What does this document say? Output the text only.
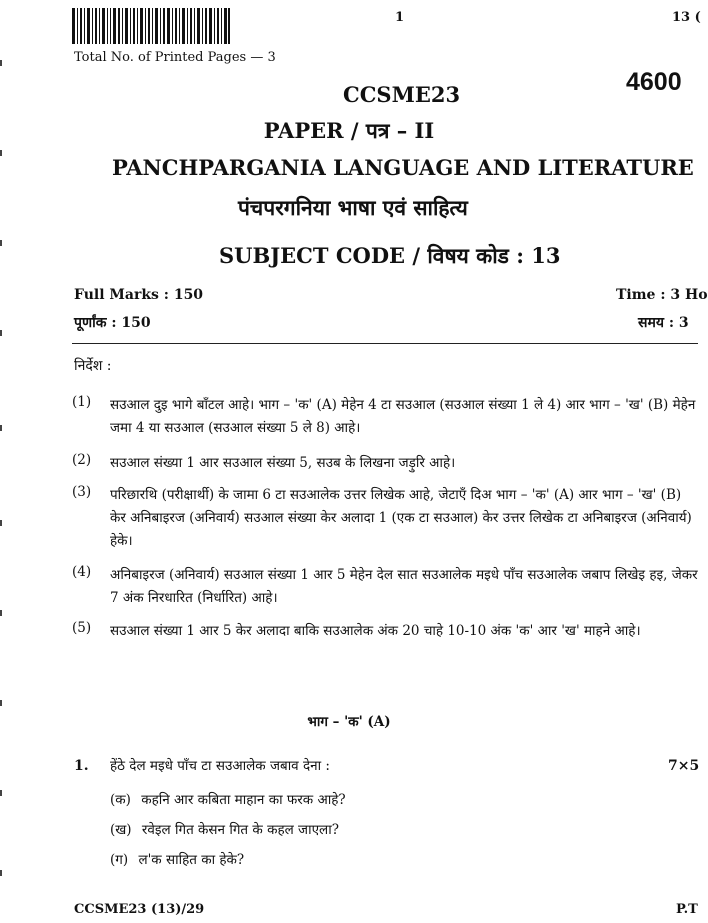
1	13 (
Total No. of Printed Pages — 3
4600
CCSME23
PAPER / पत्र – II
PANCHPARGANIA LANGUAGE AND LITERATURE
पंचपरगनिया भाषा एवं साहित्य
SUBJECT CODE / विषय कोड : 13
Full Marks : 150
पूर्णांक : 150
Time : 3 Ho
समय : 3
निर्देश :
(1) सउआल दुइ भागे बाँटल आहे। भाग – 'क' (A) मेहेन 4 टा सउआल (सउआल संख्या 1 ले 4) आर भाग – 'ख' (B) मेहेन जमा 4 या सउआल (सउआल संख्या 5 ले 8) आहे।
(2) सउआल संख्या 1 आर सउआल संख्या 5, सउब के लिखना जड़ुरि आहे।
(3) परिछारथि (परीक्षार्थी) के जामा 6 टा सउआलेक उत्तर लिखेक आहे, जेटाएँ दिअ भाग – 'क' (A) आर भाग – 'ख' (B) केर अनिबाइरज (अनिवार्य) सउआल संख्या केर अलादा 1 (एक टा सउआल) केर उत्तर लिखेक टा अनिबाइरज (अनिवार्य) हेके।
(4) अनिबाइरज (अनिवार्य) सउआल संख्या 1 आर 5 मेहेन देल सात सउआलेक मइधे पाँच सउआलेक जबाप लिखेइ हइ, जेकर 7 अंक निरधारित (निर्धारित) आहे।
(5) सउआल संख्या 1 आर 5 केर अलादा बाकि सउआलेक अंक 20 चाहे 10-10 अंक 'क' आर 'ख' माहने आहे।
भाग – 'क' (A)
1. हेंठे देल मइधे पाँच टा सउआलेक जबाव देना :	7×5
(क) कहनि आर कबिता माहान का फरक आहे?
(ख) रवेइल गित केसन गित के कहल जाएला?
(ग) ल'क साहित का हेके?
CCSME23 (13)/29	P.T
